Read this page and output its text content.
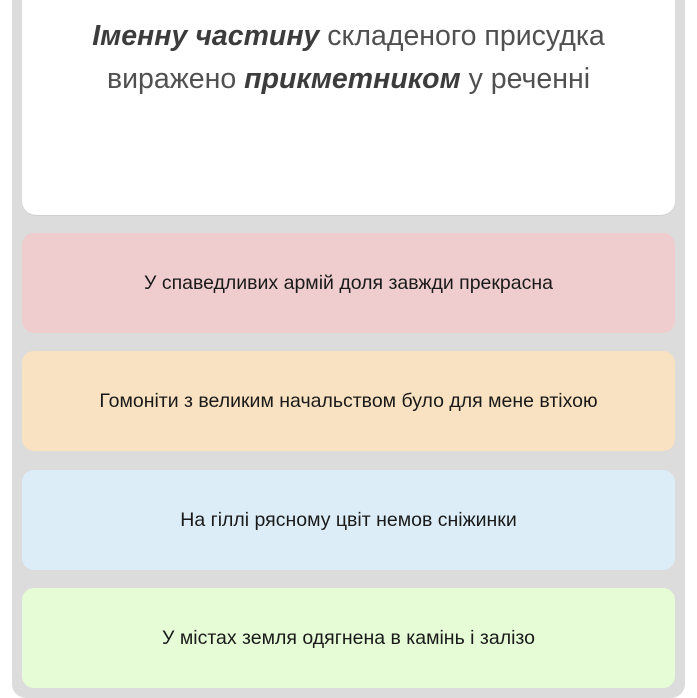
Іменну частину складеного присудка
виражено прикметником у реченні
У спаведливих армій доля завжди прекрасна
Гомоніти з великим начальством було для мене втіхою
На гіллі рясному цвіт немов сніжинки
У містах земля одягнена в камінь і залізо
